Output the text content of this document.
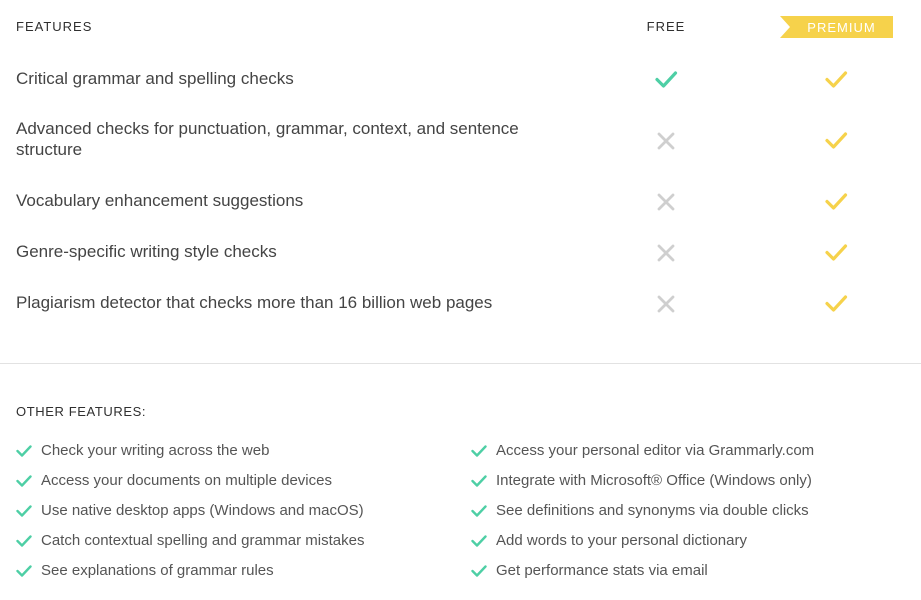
FEATURES	FREE	PREMIUM
Critical grammar and spelling checks
Advanced checks for punctuation, grammar, context, and sentence structure
Vocabulary enhancement suggestions
Genre-specific writing style checks
Plagiarism detector that checks more than 16 billion web pages
OTHER FEATURES:
Check your writing across the web
Access your documents on multiple devices
Use native desktop apps (Windows and macOS)
Catch contextual spelling and grammar mistakes
See explanations of grammar rules
Access your personal editor via Grammarly.com
Integrate with Microsoft® Office (Windows only)
See definitions and synonyms via double clicks
Add words to your personal dictionary
Get performance stats via email
